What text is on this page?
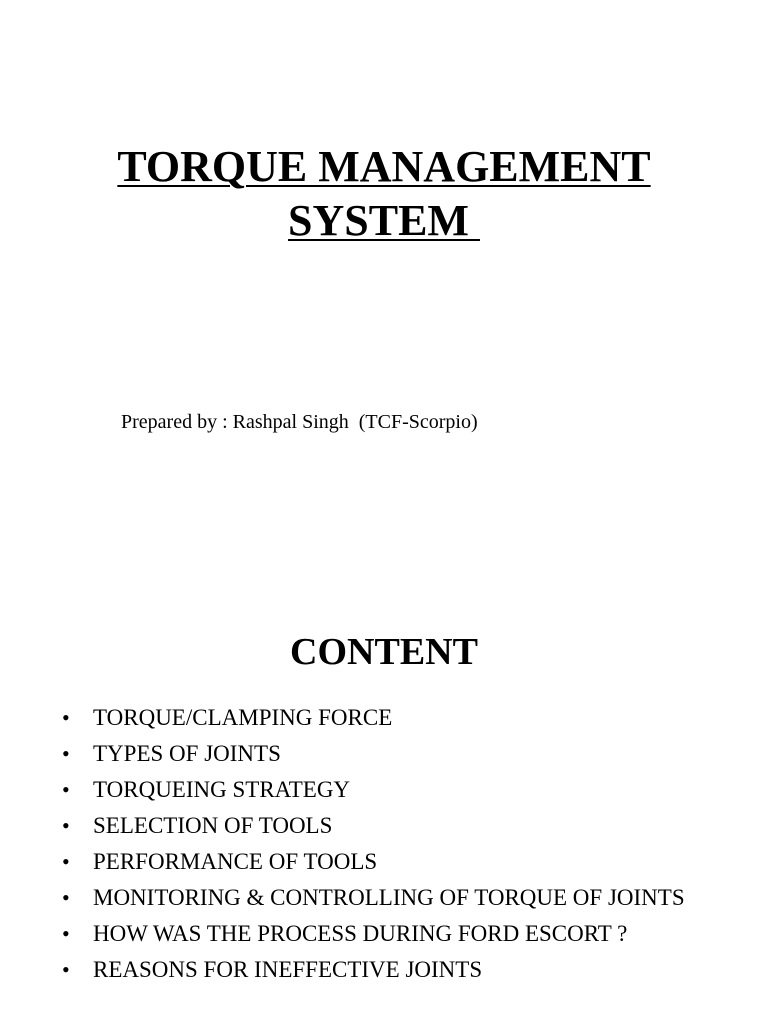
TORQUE MANAGEMENT
SYSTEM
Prepared by : Rashpal Singh  (TCF-Scorpio)
CONTENT
• TORQUE/CLAMPING FORCE
• TYPES OF JOINTS
• TORQUEING STRATEGY
• SELECTION OF TOOLS
• PERFORMANCE OF TOOLS
• MONITORING & CONTROLLING OF TORQUE OF JOINTS
• HOW WAS THE PROCESS DURING FORD ESCORT ?
• REASONS FOR INEFFECTIVE JOINTS
